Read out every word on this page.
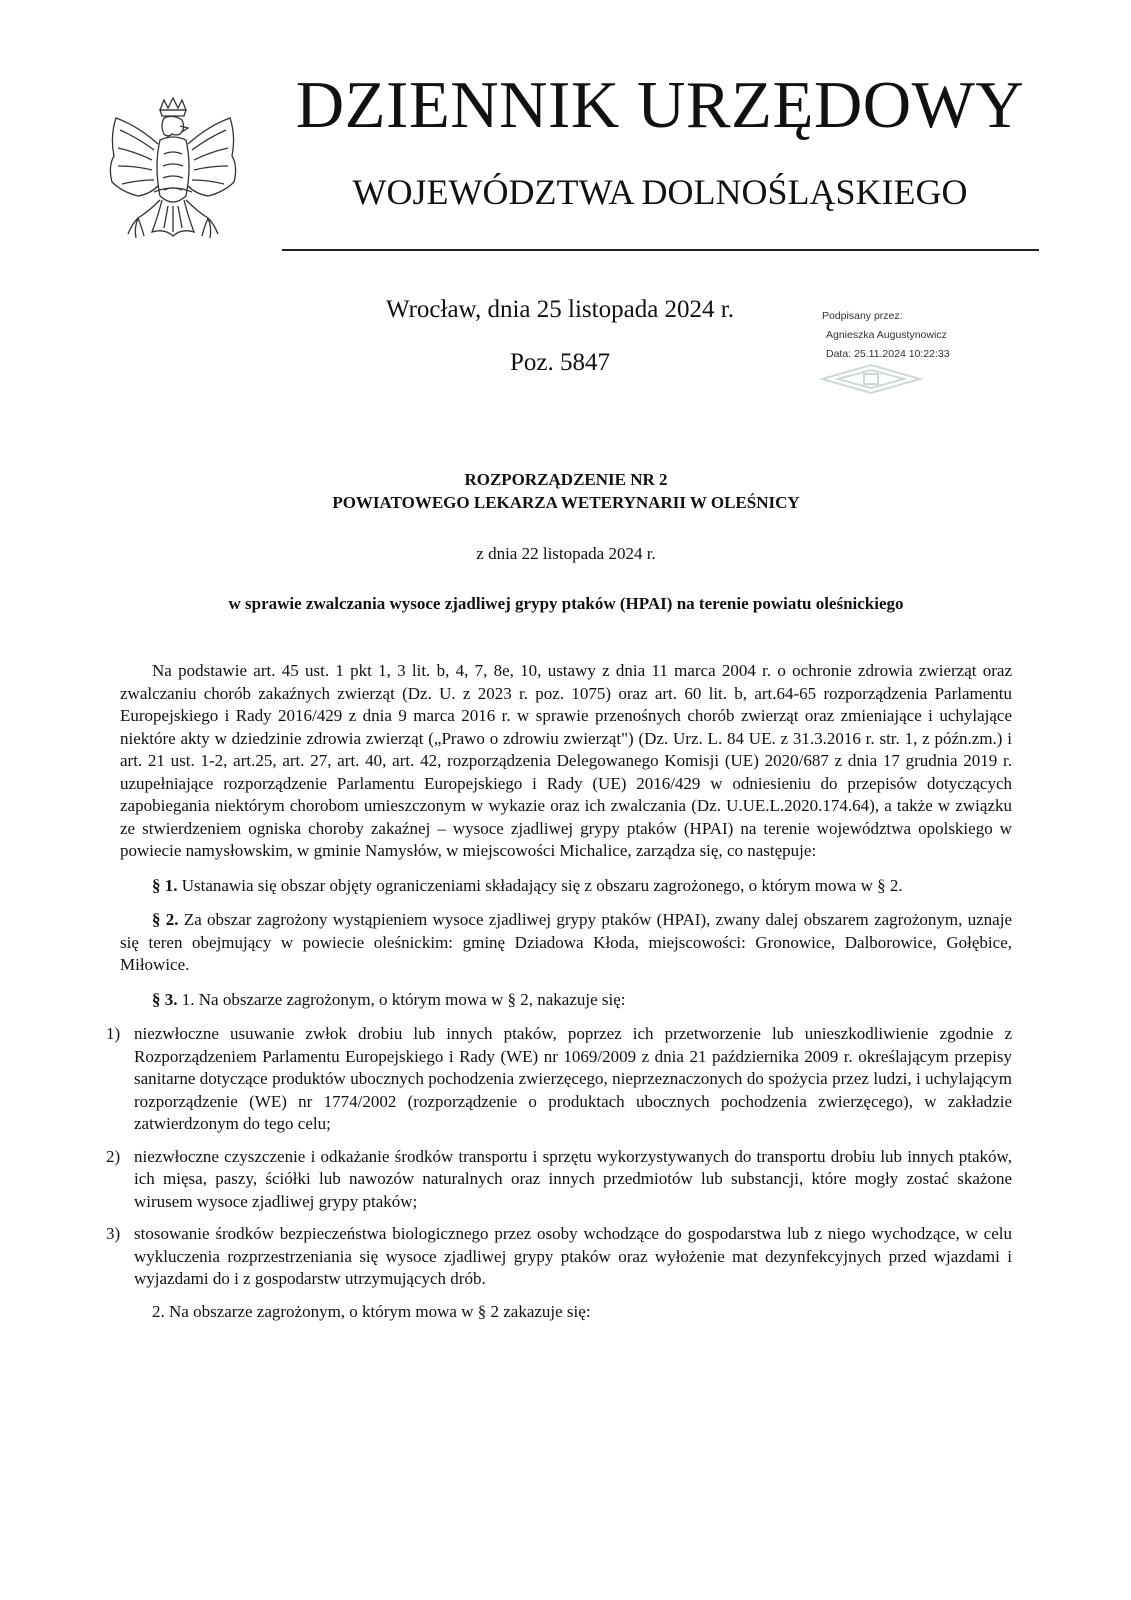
DZIENNIK URZĘDOWY
WOJEWÓDZTWA DOLNOŚLĄSKIEGO
Wrocław, dnia 25 listopada 2024 r.
Poz. 5847
Podpisany przez:
Agnieszka Augustynowicz
Data: 25.11.2024 10:22:33
ROZPORZĄDZENIE NR 2
POWIATOWEGO LEKARZA WETERYNARII W OLEŚNICY
z dnia 22 listopada 2024 r.
w sprawie zwalczania wysoce zjadliwej grypy ptaków (HPAI) na terenie powiatu oleśnickiego

Na podstawie art. 45 ust. 1 pkt 1, 3 lit. b, 4, 7, 8e, 10, ustawy z dnia 11 marca 2004 r. o ochronie zdrowia zwierząt oraz zwalczaniu chorób zakaźnych zwierząt (Dz. U. z 2023 r. poz. 1075) oraz art. 60 lit. b, art.64-65 rozporządzenia Parlamentu Europejskiego i Rady 2016/429 z dnia 9 marca 2016 r. w sprawie przenośnych chorób zwierząt oraz zmieniające i uchylające niektóre akty w dziedzinie zdrowia zwierząt („Prawo o zdrowiu zwierząt") (Dz. Urz. L. 84 UE. z 31.3.2016 r. str. 1, z późn.zm.) i art. 21 ust. 1-2, art.25, art. 27, art. 40, art. 42, rozporządzenia Delegowanego Komisji (UE) 2020/687 z dnia 17 grudnia 2019 r. uzupełniające rozporządzenie Parlamentu Europejskiego i Rady (UE) 2016/429 w odniesieniu do przepisów dotyczących zapobiegania niektórym chorobom umieszczonym w wykazie oraz ich zwalczania (Dz. U.UE.L.2020.174.64), a także w związku ze stwierdzeniem ogniska choroby zakaźnej – wysoce zjadliwej grypy ptaków (HPAI) na terenie województwa opolskiego w powiecie namysłowskim, w gminie Namysłów, w miejscowości Michalice, zarządza się, co następuje:

§ 1. Ustanawia się obszar objęty ograniczeniami składający się z obszaru zagrożonego, o którym mowa w § 2.

§ 2. Za obszar zagrożony wystąpieniem wysoce zjadliwej grypy ptaków (HPAI), zwany dalej obszarem zagrożonym, uznaje się teren obejmujący w powiecie oleśnickim: gminę Dziadowa Kłoda, miejscowości: Gronowice, Dalborowice, Gołębice, Miłowice.

§ 3. 1. Na obszarze zagrożonym, o którym mowa w § 2, nakazuje się:

1) niezwłoczne usuwanie zwłok drobiu lub innych ptaków, poprzez ich przetworzenie lub unieszkodliwienie zgodnie z Rozporządzeniem Parlamentu Europejskiego i Rady (WE) nr 1069/2009 z dnia 21 października 2009 r. określającym przepisy sanitarne dotyczące produktów ubocznych pochodzenia zwierzęcego, nieprzeznaczonych do spożycia przez ludzi, i uchylającym rozporządzenie (WE) nr 1774/2002 (rozporządzenie o produktach ubocznych pochodzenia zwierzęcego), w zakładzie zatwierdzonym do tego celu;
2) niezwłoczne czyszczenie i odkażanie środków transportu i sprzętu wykorzystywanych do transportu drobiu lub innych ptaków, ich mięsa, paszy, ściółki lub nawozów naturalnych oraz innych przedmiotów lub substancji, które mogły zostać skażone wirusem wysoce zjadliwej grypy ptaków;
3) stosowanie środków bezpieczeństwa biologicznego przez osoby wchodzące do gospodarstwa lub z niego wychodzące, w celu wykluczenia rozprzestrzeniania się wysoce zjadliwej grypy ptaków oraz wyłożenie mat dezynfekcyjnych przed wjazdami i wyjazdami do i z gospodarstw utrzymujących drób.

2. Na obszarze zagrożonym, o którym mowa w § 2 zakazuje się:
